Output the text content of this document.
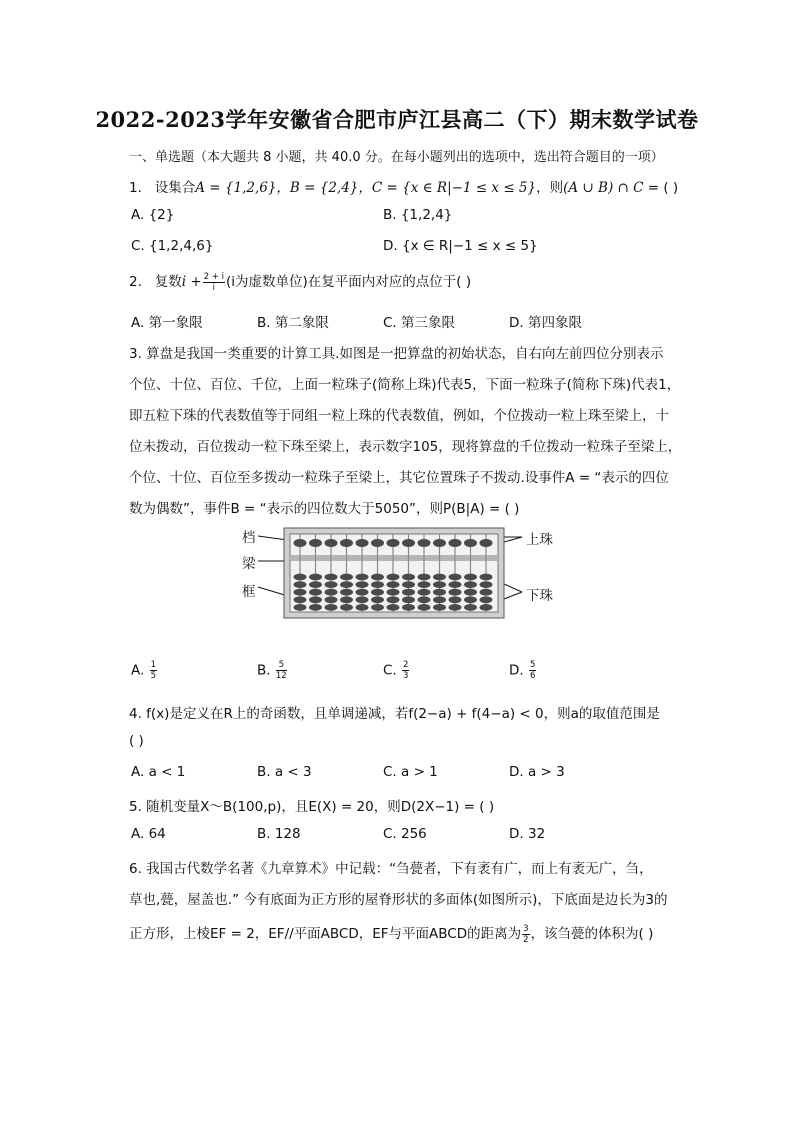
2022-2023学年安徽省合肥市庐江县高二（下）期末数学试卷
一、单选题（本大题共 8 小题，共 40.0 分。在每小题列出的选项中，选出符合题目的一项）
1. 设集合A = {1,2,6}，B = {2,4}，C = {x ∈ R|−1 ≤ x ≤ 5}，则(A ∪ B) ∩ C = ( )
A. {2}	B. {1,2,4}
C. {1,2,4,6}	D. {x ∈ R|−1 ≤ x ≤ 5}
2. 复数$i + \frac{2 + i}{i} (i$为虚数单位)在复平面内对应的点位于( )
A. 第一象限	B. 第二象限	C. 第三象限	D. 第四象限
3. 算盘是我国一类重要的计算工具.如图是一把算盘的初始状态，自右向左前四位分别表示
个位、十位、百位、千位，上面一粒珠子(简称上珠)代表5，下面一粒珠子(简称下珠)代表1，
即五粒下珠的代表数值等于同组一粒上珠的代表数值，例如，个位拨动一粒上珠至梁上，十
位未拨动，百位拨动一粒下珠至梁上，表示数字105，现将算盘的千位拨动一粒珠子至梁上，
个位、十位、百位至多拨动一粒珠子至梁上，其它位置珠子不拨动.设事件A = “表示的四位
数为偶数”，事件B = “表示的四位数大于5050”，则P(B|A) = ( )
档
梁
框
上珠
下珠
A. $\frac{1}{5}$	B. $\frac{5}{12}$	C. $\frac{2}{3}$	D. $\frac{5}{6}$
4. f(x)是定义在R上的奇函数，且单调递减，若f(2−a) + f(4−a) < 0，则a的取值范围是
( )
A. a < 1	B. a < 3	C. a > 1	D. a > 3
5. 随机变量X～B(100,p)，且E(X) = 20，则D(2X−1) = ( )
A. 64	B. 128	C. 256	D. 32
6. 我国古代数学名著《九章算术》中记载：“刍甍者，下有袤有广，而上有袤无广，刍，
草也,甍，屋盖也.” 今有底面为正方形的屋脊形状的多面体(如图所示)，下底面是边长为3的
正方形，上棱EF = 2，EF//平面ABCD，EF与平面ABCD的距离为 $\frac{3}{2}$ ，该刍甍的体积为( )
